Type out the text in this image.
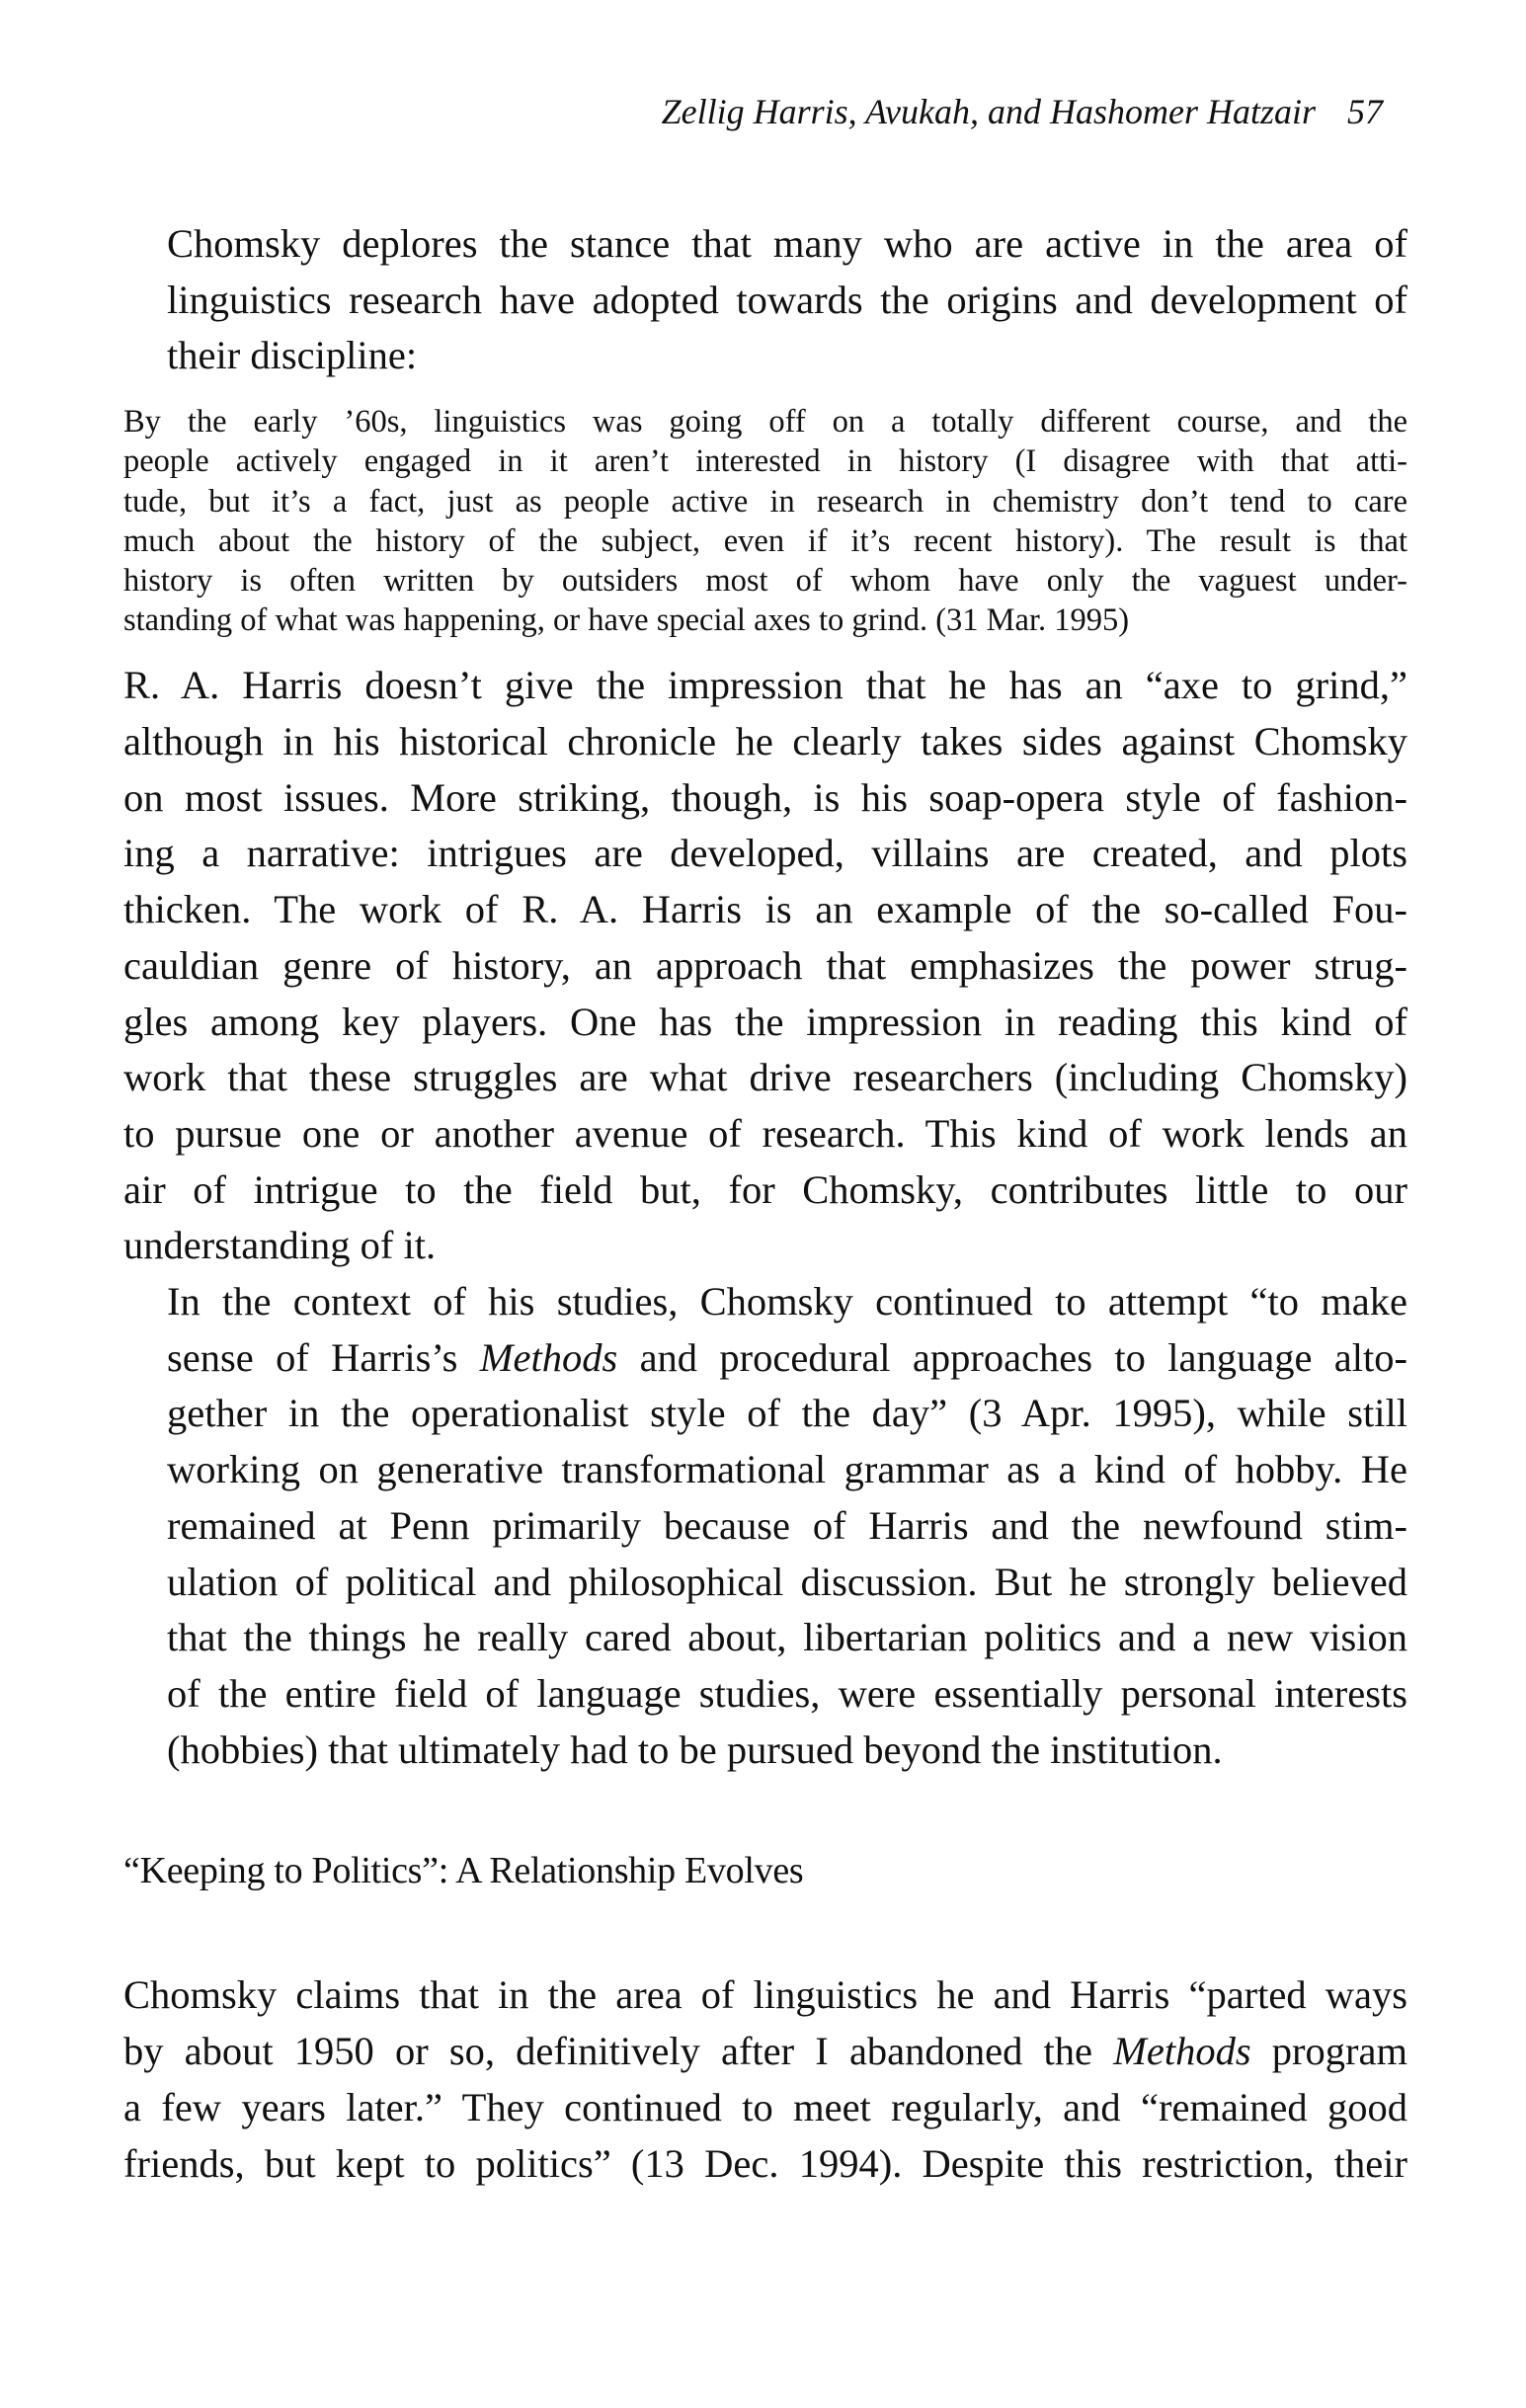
Zellig Harris, Avukah, and Hashomer Hatzair 57

Chomsky deplores the stance that many who are active in the area of
linguistics research have adopted towards the origins and development of
their discipline:

By the early ’60s, linguistics was going off on a totally different course, and the
people actively engaged in it aren’t interested in history (I disagree with that atti-
tude, but it’s a fact, just as people active in research in chemistry don’t tend to care
much about the history of the subject, even if it’s recent history). The result is that
history is often written by outsiders most of whom have only the vaguest under-
standing of what was happening, or have special axes to grind. (31 Mar. 1995)

R. A. Harris doesn’t give the impression that he has an “axe to grind,”
although in his historical chronicle he clearly takes sides against Chomsky
on most issues. More striking, though, is his soap-opera style of fashion-
ing a narrative: intrigues are developed, villains are created, and plots
thicken. The work of R. A. Harris is an example of the so-called Fou-
cauldian genre of history, an approach that emphasizes the power strug-
gles among key players. One has the impression in reading this kind of
work that these struggles are what drive researchers (including Chomsky)
to pursue one or another avenue of research. This kind of work lends an
air of intrigue to the field but, for Chomsky, contributes little to our
understanding of it.

In the context of his studies, Chomsky continued to attempt “to make
sense of Harris’s Methods and procedural approaches to language alto-
gether in the operationalist style of the day” (3 Apr. 1995), while still
working on generative transformational grammar as a kind of hobby. He
remained at Penn primarily because of Harris and the newfound stim-
ulation of political and philosophical discussion. But he strongly believed
that the things he really cared about, libertarian politics and a new vision
of the entire field of language studies, were essentially personal interests
(hobbies) that ultimately had to be pursued beyond the institution.

“Keeping to Politics”: A Relationship Evolves

Chomsky claims that in the area of linguistics he and Harris “parted ways
by about 1950 or so, definitively after I abandoned the Methods program
a few years later.” They continued to meet regularly, and “remained good
friends, but kept to politics” (13 Dec. 1994). Despite this restriction, their
